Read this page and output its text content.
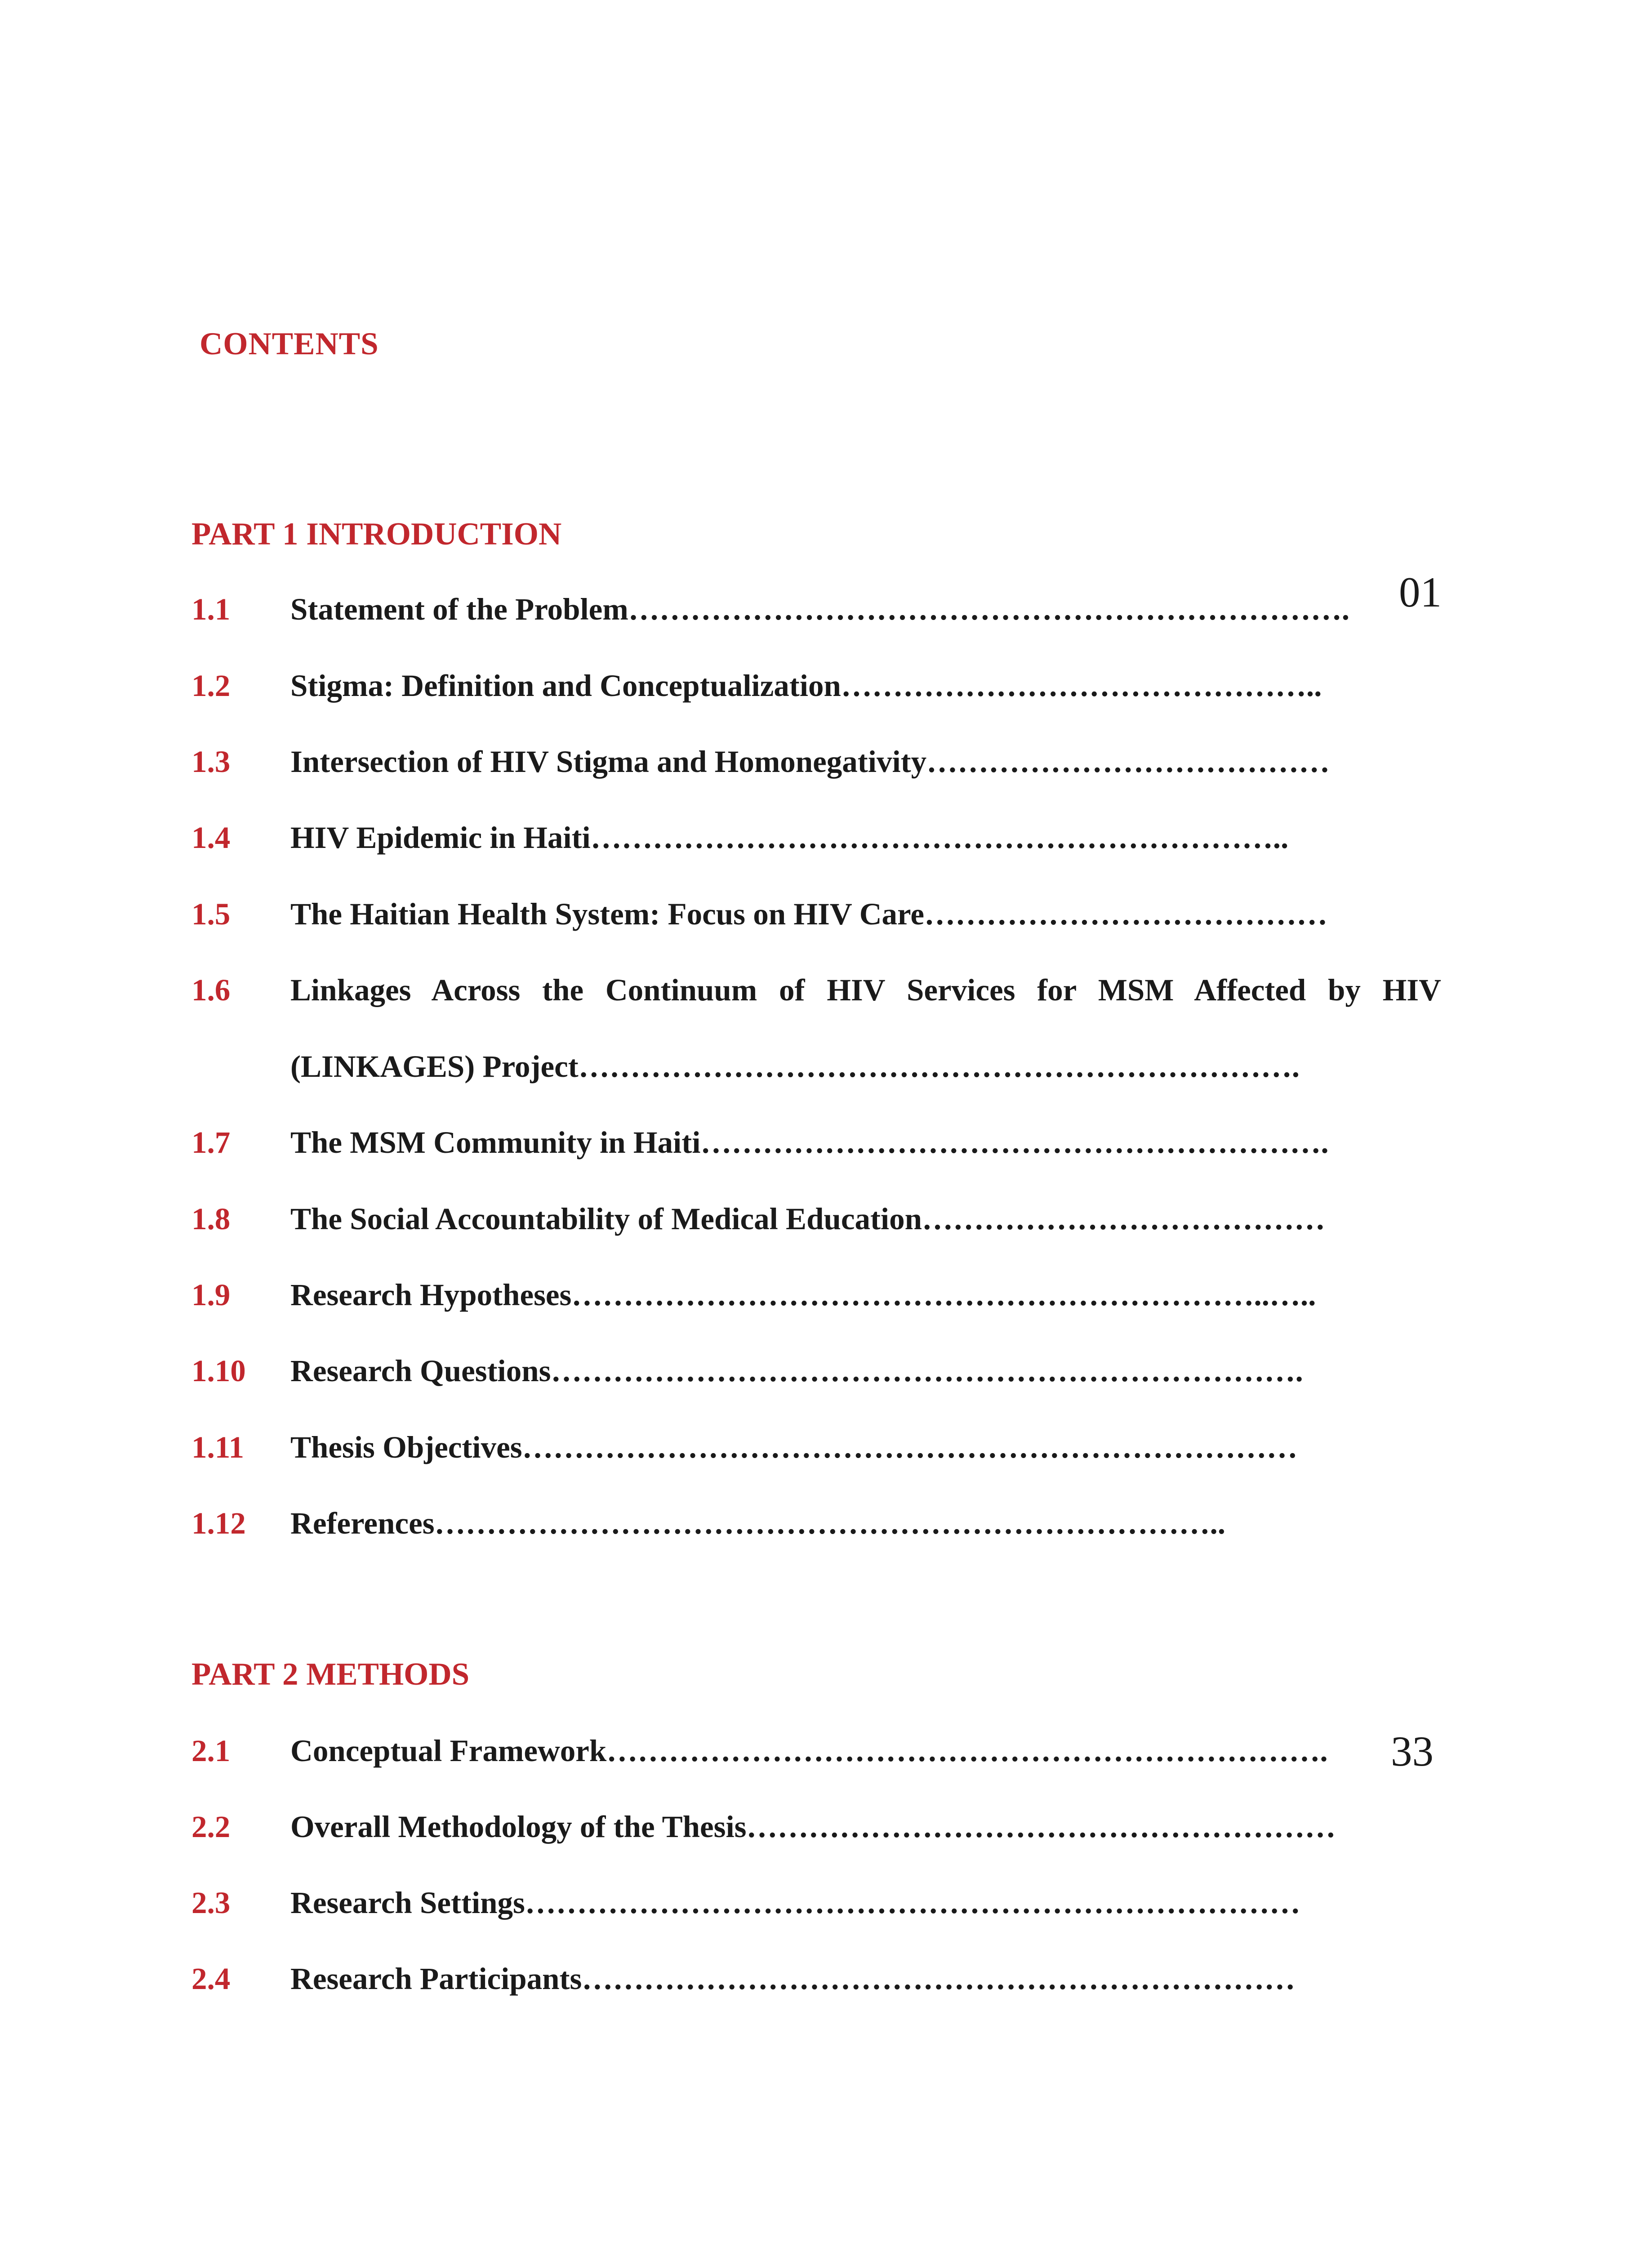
CONTENTS
PART 1 INTRODUCTION
1.1 Statement of the Problem……………………………………………………………. 01
1.2 Stigma: Definition and Conceptualization………………………………………..
1.3 Intersection of HIV Stigma and Homonegativity…………………………………
1.4 HIV Epidemic in Haiti…………………………………………………………..
1.5 The Haitian Health System: Focus on HIV Care…………………………………
1.6 Linkages Across the Continuum of HIV Services for MSM Affected by HIV
(LINKAGES) Project…………………………………………………………….
1.7 The MSM Community in Haiti…………………………………………………….
1.8 The Social Accountability of Medical Education…………………………………
1.9 Research Hypotheses…………………………………………………………..…..
1.10 Research Questions……………………………………………………………….
1.11 Thesis Objectives…………………………………………………………………
1.12 References…………………………………………………………………..
PART 2 METHODS
2.1 Conceptual Framework……………………………………………………………. 33
2.2 Overall Methodology of the Thesis…………………………………………………
2.3 Research Settings…………………………………………………………………
2.4 Research Participants……………………………………………………………
